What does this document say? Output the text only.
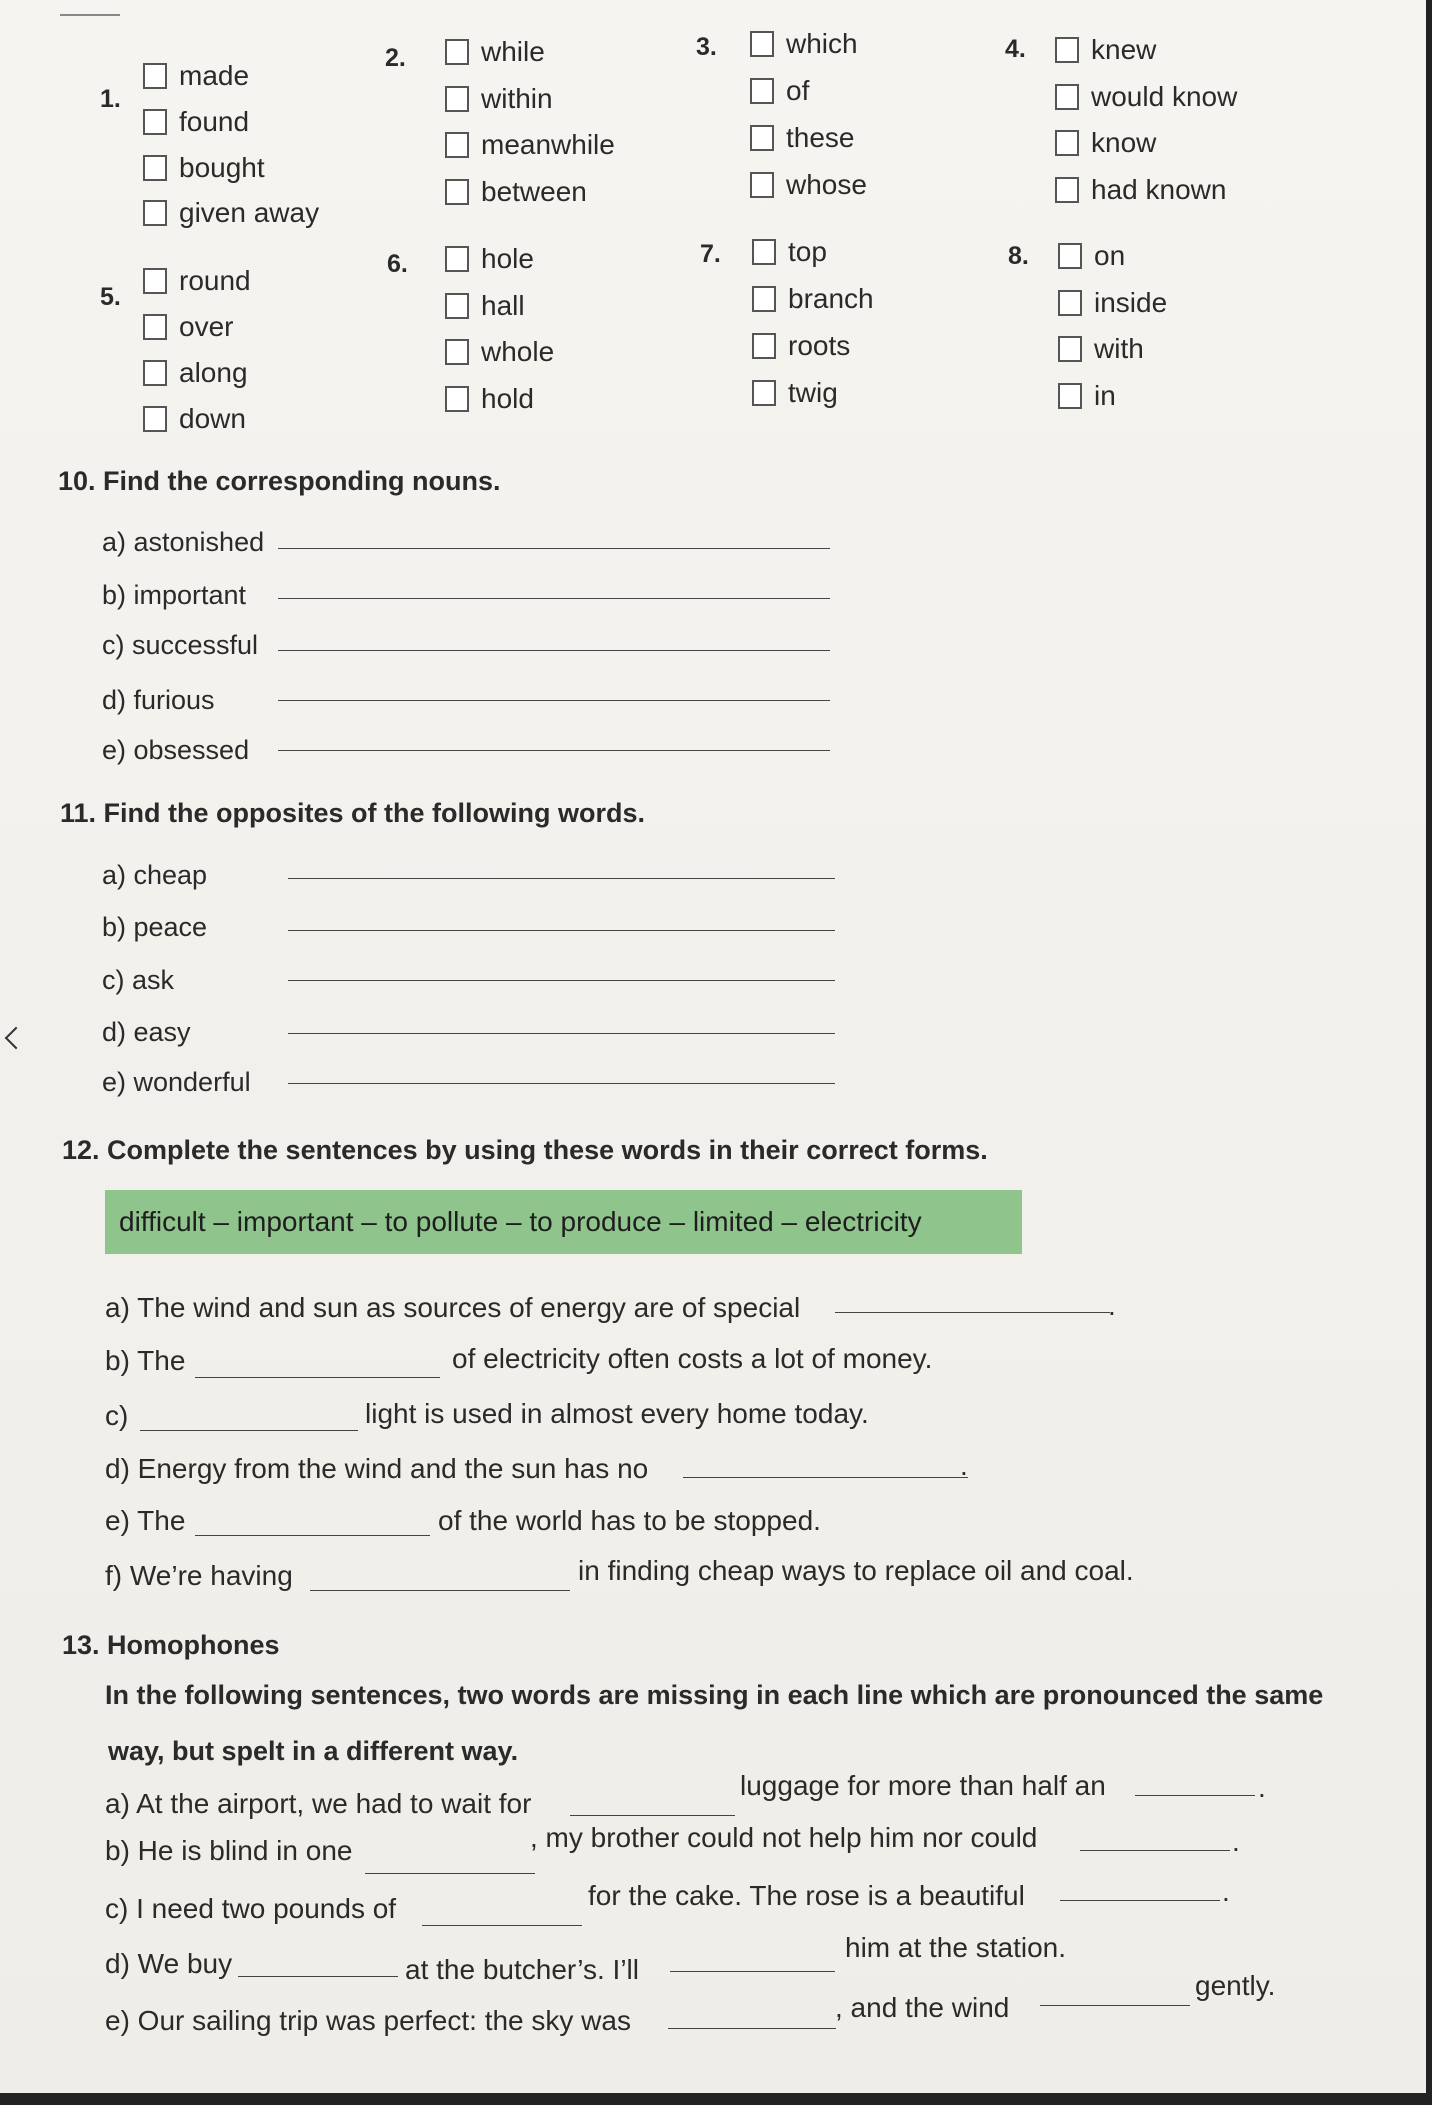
1.
made
found
bought
given away
2.	while
within
meanwhile
between
3. which
of
these
whose
4. knew
would know
know
had known
5.
round
over
along
down
6.	hole
hall
whole
hold
7. top
branch
roots
twig
8. on
inside
with
in
10. Find the corresponding nouns.
a) astonished
b) important
c) successful
d) furious
e) obsessed
11. Find the opposites of the following words.
a) cheap
b) peace
c) ask
d) easy
e) wonderful
12. Complete the sentences by using these words in their correct forms.
difficult – important – to pollute – to produce – limited – electricity
a) The wind and sun as sources of energy are of special	.
b) The	of electricity often costs a lot of money.
c)	light is used in almost every home today.
d) Energy from the wind and the sun has no	.
e) The	of the world has to be stopped.
f) We’re having	in finding cheap ways to replace oil and coal.
13. Homophones
In the following sentences, two words are missing in each line which are pronounced the same
way, but spelt in a different way.
a) At the airport, we had to wait for
luggage for more than half an	.
b) He is blind in one	, my brother could not help him nor could	.
c) I need two pounds of	for the cake. The rose is a beautiful	.
d) We buy	at the butcher’s. I’ll
him at the station.
e) Our sailing trip was perfect: the sky was	, and the wind
gently.
